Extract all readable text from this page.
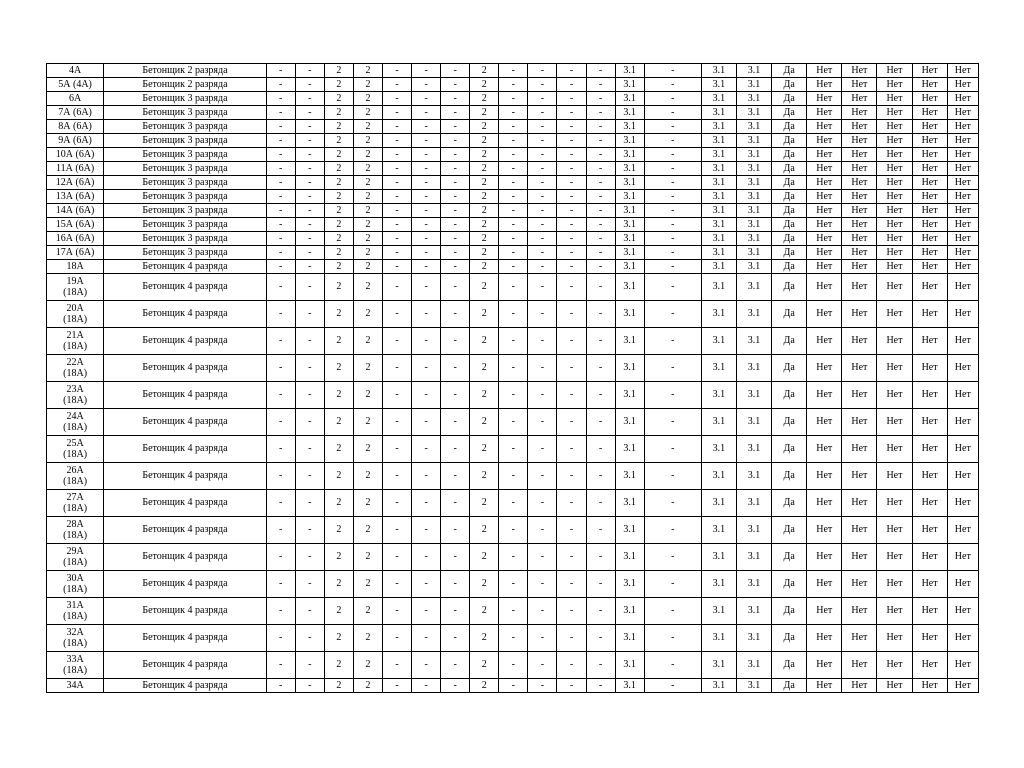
4А	Бетонщик 2 разряда	-	-	2	2	-	-	-	2	-	-	-	-	3.1	-	3.1	3.1	Да	Нет	Нет	Нет	Нет	Нет

5А (4А)	Бетонщик 2 разряда	-	-	2	2	-	-	-	2	-	-	-	-	3.1	-	3.1	3.1	Да	Нет	Нет	Нет	Нет	Нет

6А	Бетонщик 3 разряда	-	-	2	2	-	-	-	2	-	-	-	-	3.1	-	3.1	3.1	Да	Нет	Нет	Нет	Нет	Нет

7А (6А)	Бетонщик 3 разряда	-	-	2	2	-	-	-	2	-	-	-	-	3.1	-	3.1	3.1	Да	Нет	Нет	Нет	Нет	Нет

8А (6А)	Бетонщик 3 разряда	-	-	2	2	-	-	-	2	-	-	-	-	3.1	-	3.1	3.1	Да	Нет	Нет	Нет	Нет	Нет

9А (6А)	Бетонщик 3 разряда	-	-	2	2	-	-	-	2	-	-	-	-	3.1	-	3.1	3.1	Да	Нет	Нет	Нет	Нет	Нет

10А (6А)	Бетонщик 3 разряда	-	-	2	2	-	-	-	2	-	-	-	-	3.1	-	3.1	3.1	Да	Нет	Нет	Нет	Нет	Нет

11А (6А)	Бетонщик 3 разряда	-	-	2	2	-	-	-	2	-	-	-	-	3.1	-	3.1	3.1	Да	Нет	Нет	Нет	Нет	Нет

12А (6А)	Бетонщик 3 разряда	-	-	2	2	-	-	-	2	-	-	-	-	3.1	-	3.1	3.1	Да	Нет	Нет	Нет	Нет	Нет

13А (6А)	Бетонщик 3 разряда	-	-	2	2	-	-	-	2	-	-	-	-	3.1	-	3.1	3.1	Да	Нет	Нет	Нет	Нет	Нет

14А (6А)	Бетонщик 3 разряда	-	-	2	2	-	-	-	2	-	-	-	-	3.1	-	3.1	3.1	Да	Нет	Нет	Нет	Нет	Нет

15А (6А)	Бетонщик 3 разряда	-	-	2	2	-	-	-	2	-	-	-	-	3.1	-	3.1	3.1	Да	Нет	Нет	Нет	Нет	Нет

16А (6А)	Бетонщик 3 разряда	-	-	2	2	-	-	-	2	-	-	-	-	3.1	-	3.1	3.1	Да	Нет	Нет	Нет	Нет	Нет

17А (6А)	Бетонщик 3 разряда	-	-	2	2	-	-	-	2	-	-	-	-	3.1	-	3.1	3.1	Да	Нет	Нет	Нет	Нет	Нет

18А	Бетонщик 4 разряда	-	-	2	2	-	-	-	2	-	-	-	-	3.1	-	3.1	3.1	Да	Нет	Нет	Нет	Нет	Нет

19А
(18А)	Бетонщик 4 разряда	-	-	2	2	-	-	-	2	-	-	-	-	3.1	-	3.1	3.1	Да	Нет	Нет	Нет	Нет	Нет

20А
(18А)	Бетонщик 4 разряда	-	-	2	2	-	-	-	2	-	-	-	-	3.1	-	3.1	3.1	Да	Нет	Нет	Нет	Нет	Нет

21А
(18А)	Бетонщик 4 разряда	-	-	2	2	-	-	-	2	-	-	-	-	3.1	-	3.1	3.1	Да	Нет	Нет	Нет	Нет	Нет

22А
(18А)	Бетонщик 4 разряда	-	-	2	2	-	-	-	2	-	-	-	-	3.1	-	3.1	3.1	Да	Нет	Нет	Нет	Нет	Нет

23А
(18А)	Бетонщик 4 разряда	-	-	2	2	-	-	-	2	-	-	-	-	3.1	-	3.1	3.1	Да	Нет	Нет	Нет	Нет	Нет

24А
(18А)	Бетонщик 4 разряда	-	-	2	2	-	-	-	2	-	-	-	-	3.1	-	3.1	3.1	Да	Нет	Нет	Нет	Нет	Нет

25А
(18А)	Бетонщик 4 разряда	-	-	2	2	-	-	-	2	-	-	-	-	3.1	-	3.1	3.1	Да	Нет	Нет	Нет	Нет	Нет

26А
(18А)	Бетонщик 4 разряда	-	-	2	2	-	-	-	2	-	-	-	-	3.1	-	3.1	3.1	Да	Нет	Нет	Нет	Нет	Нет

27А
(18А)	Бетонщик 4 разряда	-	-	2	2	-	-	-	2	-	-	-	-	3.1	-	3.1	3.1	Да	Нет	Нет	Нет	Нет	Нет

28А
(18А)	Бетонщик 4 разряда	-	-	2	2	-	-	-	2	-	-	-	-	3.1	-	3.1	3.1	Да	Нет	Нет	Нет	Нет	Нет

29А
(18А)	Бетонщик 4 разряда	-	-	2	2	-	-	-	2	-	-	-	-	3.1	-	3.1	3.1	Да	Нет	Нет	Нет	Нет	Нет

30А
(18А)	Бетонщик 4 разряда	-	-	2	2	-	-	-	2	-	-	-	-	3.1	-	3.1	3.1	Да	Нет	Нет	Нет	Нет	Нет

31А
(18А)	Бетонщик 4 разряда	-	-	2	2	-	-	-	2	-	-	-	-	3.1	-	3.1	3.1	Да	Нет	Нет	Нет	Нет	Нет

32А
(18А)	Бетонщик 4 разряда	-	-	2	2	-	-	-	2	-	-	-	-	3.1	-	3.1	3.1	Да	Нет	Нет	Нет	Нет	Нет

33А
(18А)	Бетонщик 4 разряда	-	-	2	2	-	-	-	2	-	-	-	-	3.1	-	3.1	3.1	Да	Нет	Нет	Нет	Нет	Нет

34А	Бетонщик 4 разряда	-	-	2	2	-	-	-	2	-	-	-	-	3.1	-	3.1	3.1	Да	Нет	Нет	Нет	Нет	Нет
